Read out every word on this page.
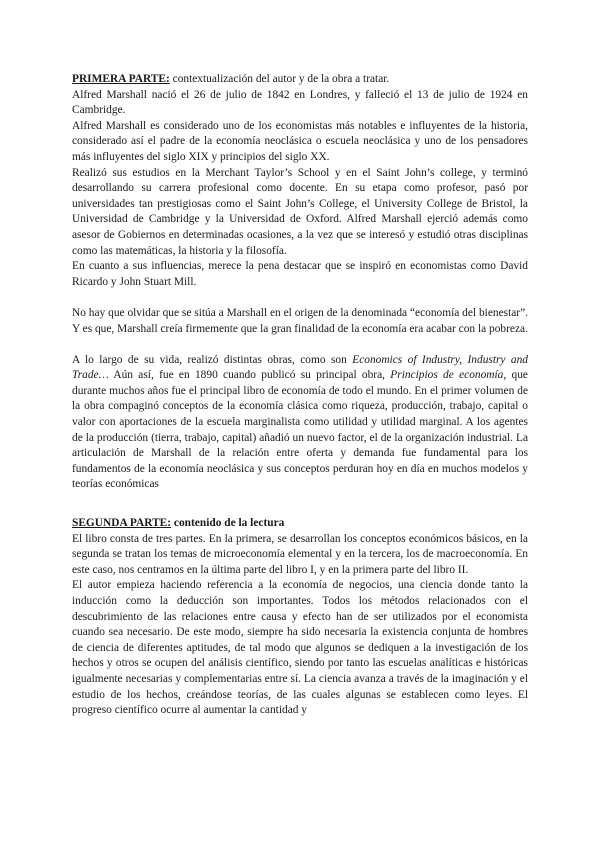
PRIMERA PARTE: contextualización del autor y de la obra a tratar.

Alfred Marshall nació el 26 de julio de 1842 en Londres, y falleció el 13 de julio de 1924 en Cambridge.

Alfred Marshall es considerado uno de los economistas más notables e influyentes de la historia, considerado así el padre de la economía neoclásica o escuela neoclásica y uno de los pensadores más influyentes del siglo XIX y principios del siglo XX.

Realizó sus estudios en la Merchant Taylor’s School y en el Saint John’s college, y terminó desarrollando su carrera profesional como docente. En su etapa como profesor, pasó por universidades tan prestigiosas como el Saint John’s College, el University College de Bristol, la Universidad de Cambridge y la Universidad de Oxford. Alfred Marshall ejerció además como asesor de Gobiernos en determinadas ocasiones, a la vez que se interesó y estudió otras disciplinas como las matemáticas, la historia y la filosofía.

En cuanto a sus influencias, merece la pena destacar que se inspiró en economistas como David Ricardo y John Stuart Mill.

No hay que olvidar que se sitúa a Marshall en el origen de la denominada “economía del bienestar”. Y es que, Marshall creía firmemente que la gran finalidad de la economía era acabar con la pobreza.

A lo largo de su vida, realizó distintas obras, como son Economics of Industry, Industry and Trade… Aún así, fue en 1890 cuando publicó su principal obra, Principios de economía, que durante muchos años fue el principal libro de economía de todo el mundo. En el primer volumen de la obra compaginó conceptos de la economía clásica como riqueza, producción, trabajo, capital o valor con aportaciones de la escuela marginalista como utilidad y utilidad marginal. A los agentes de la producción (tierra, trabajo, capital) añadió un nuevo factor, el de la organización industrial. La articulación de Marshall de la relación entre oferta y demanda fue fundamental para los fundamentos de la economía neoclásica y sus conceptos perduran hoy en día en muchos modelos y teorías económicas

SEGUNDA PARTE: contenido de la lectura

El libro consta de tres partes. En la primera, se desarrollan los conceptos económicos básicos, en la segunda se tratan los temas de microeconomía elemental y en la tercera, los de macroeconomía. En este caso, nos centramos en la última parte del libro I, y en la primera parte del libro II.

El autor empieza haciendo referencia a la economía de negocios, una ciencia donde tanto la inducción como la deducción son importantes. Todos los métodos relacionados con el descubrimiento de las relaciones entre causa y efecto han de ser utilizados por el economista cuando sea necesario. De este modo, siempre ha sido necesaria la existencia conjunta de hombres de ciencia de diferentes aptitudes, de tal modo que algunos se dediquen a la investigación de los hechos y otros se ocupen del análisis científico, siendo por tanto las escuelas analíticas e históricas igualmente necesarias y complementarias entre sí. La ciencia avanza a través de la imaginación y el estudio de los hechos, creándose teorías, de las cuales algunas se establecen como leyes. El progreso científico ocurre al aumentar la cantidad y
